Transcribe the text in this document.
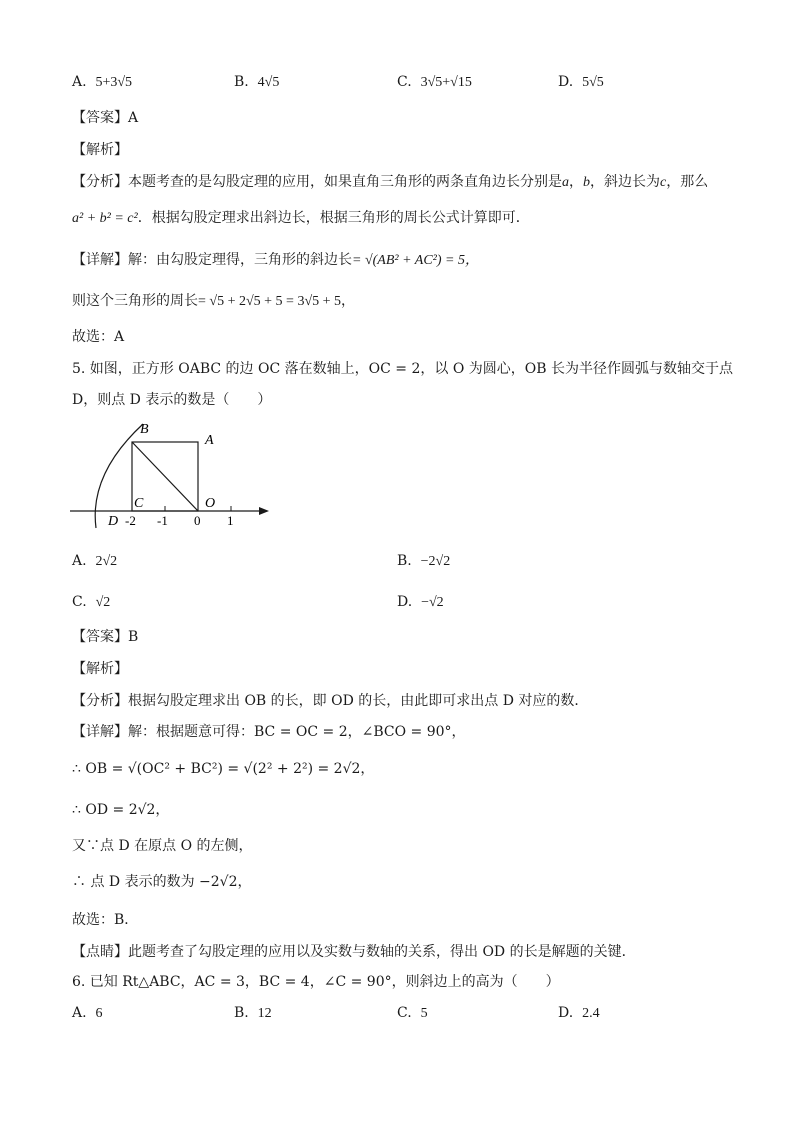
A. 5+3√5	B. 4√5	C. 3√5+√15	D. 5√5
【答案】A
【解析】
【分析】本题考查的是勾股定理的应用，如果直角三角形的两条直角边长分别是a，b，斜边长为c，那么
a² + b² = c²．根据勾股定理求出斜边长，根据三角形的周长公式计算即可．
【详解】解：由勾股定理得，三角形的斜边长= √(AB² + AC²) = 5，
则这个三角形的周长= √5 + 2√5 + 5 = 3√5 + 5，
故选：A
5. 如图，正方形 OABC 的边 OC 落在数轴上，OC = 2，以 O 为圆心，OB 长为半径作圆弧与数轴交于点
D，则点 D 表示的数是（　　）
B
A
C	O
D -2 -1 0 1
A. 2√2	B. −2√2
C. √2	D. −√2
【答案】B
【解析】
【分析】根据勾股定理求出 OB 的长，即 OD 的长，由此即可求出点 D 对应的数．
【详解】解：根据题意可得：BC = OC = 2，∠BCO = 90°，
∴ OB = √(OC² + BC²) = √(2² + 2²) = 2√2，
∴ OD = 2√2，
又∵点 D 在原点 O 的左侧，
∴ 点 D 表示的数为 −2√2，
故选：B．
【点睛】此题考查了勾股定理的应用以及实数与数轴的关系，得出 OD 的长是解题的关键．
6. 已知 Rt△ABC，AC = 3，BC = 4，∠C = 90°，则斜边上的高为（　　）
A. 6	B. 12	C. 5	D. 2.4
